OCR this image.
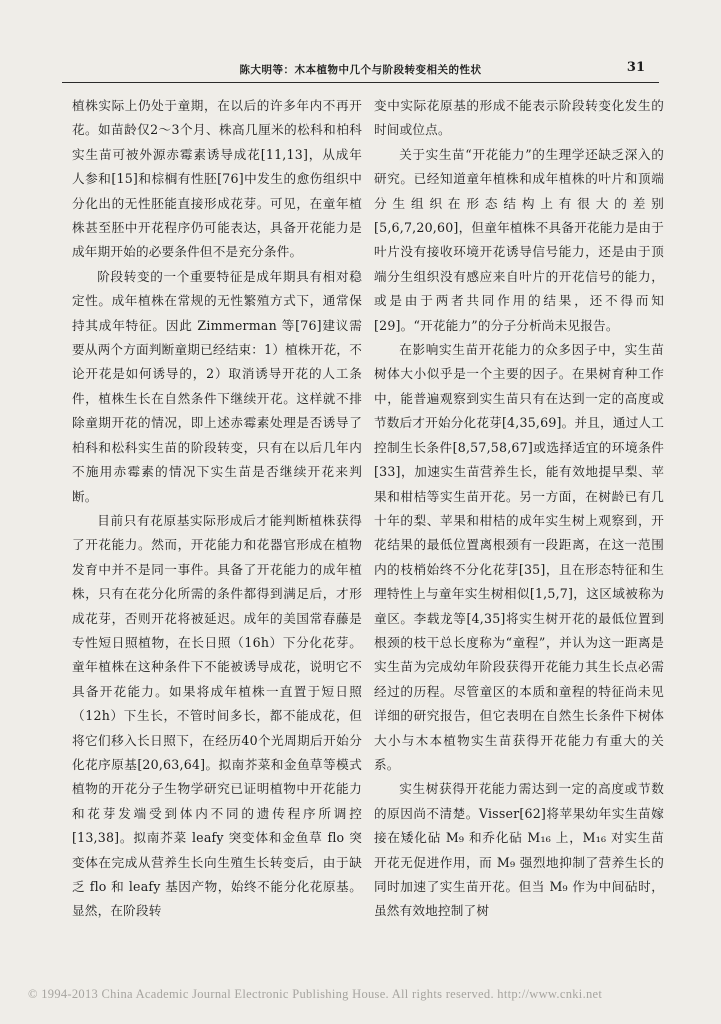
陈大明等：木本植物中几个与阶段转变相关的性状	31

植株实际上仍处于童期，在以后的许多年内不再开花。如苗龄仅2～3个月、株高几厘米的松科和柏科实生苗可被外源赤霉素诱导成花[11,13]，从成年人参和[15]和棕榈有性胚[76]中发生的愈伤组织中分化出的无性胚能直接形成花芽。可见，在童年植株甚至胚中开花程序仍可能表达，具备开花能力是成年期开始的必要条件但不是充分条件。

阶段转变的一个重要特征是成年期具有相对稳定性。成年植株在常规的无性繁殖方式下，通常保持其成年特征。因此 Zimmerman 等[76]建议需要从两个方面判断童期已经结束：1）植株开花，不论开花是如何诱导的，2）取消诱导开花的人工条件，植株生长在自然条件下继续开花。这样就不排除童期开花的情况，即上述赤霉素处理是否诱导了柏科和松科实生苗的阶段转变，只有在以后几年内不施用赤霉素的情况下实生苗是否继续开花来判断。

目前只有花原基实际形成后才能判断植株获得了开花能力。然而，开花能力和花器官形成在植物发育中并不是同一事件。具备了开花能力的成年植株，只有在花分化所需的条件都得到满足后，才形成花芽，否则开花将被延迟。成年的美国常春藤是专性短日照植物，在长日照（16h）下分化花芽。童年植株在这种条件下不能被诱导成花，说明它不具备开花能力。如果将成年植株一直置于短日照（12h）下生长，不管时间多长，都不能成花，但将它们移入长日照下，在经历40个光周期后开始分化花序原基[20,63,64]。拟南芥菜和金鱼草等模式植物的开花分子生物学研究已证明植物中开花能力和花芽发端受到体内不同的遗传程序所调控[13,38]。拟南芥菜 leafy 突变体和金鱼草 flo 突变体在完成从营养生长向生殖生长转变后，由于缺乏 flo 和 leafy 基因产物，始终不能分化花原基。显然，在阶段转

变中实际花原基的形成不能表示阶段转变化发生的时间或位点。

关于实生苗“开花能力”的生理学还缺乏深入的研究。已经知道童年植株和成年植株的叶片和顶端分生组织在形态结构上有很大的差别[5,6,7,20,60]，但童年植株不具备开花能力是由于叶片没有接收环境开花诱导信号能力，还是由于顶端分生组织没有感应来自叶片的开花信号的能力，或是由于两者共同作用的结果，还不得而知[29]。“开花能力”的分子分析尚未见报告。

在影响实生苗开花能力的众多因子中，实生苗树体大小似乎是一个主要的因子。在果树育种工作中，能普遍观察到实生苗只有在达到一定的高度或节数后才开始分化花芽[4,35,69]。并且，通过人工控制生长条件[8,57,58,67]或选择适宜的环境条件[33]，加速实生苗营养生长，能有效地提早梨、苹果和柑桔等实生苗开花。另一方面，在树龄已有几十年的梨、苹果和柑桔的成年实生树上观察到，开花结果的最低位置离根颈有一段距离，在这一范围内的枝梢始终不分化花芽[35]，且在形态特征和生理特性上与童年实生树相似[1,5,7]，这区域被称为童区。李载龙等[4,35]将实生树开花的最低位置到根颈的枝干总长度称为“童程”，并认为这一距离是实生苗为完成幼年阶段获得开花能力其生长点必需经过的历程。尽管童区的本质和童程的特征尚未见详细的研究报告，但它表明在自然生长条件下树体大小与木本植物实生苗获得开花能力有重大的关系。

实生树获得开花能力需达到一定的高度或节数的原因尚不清楚。Visser[62]将苹果幼年实生苗嫁接在矮化砧 M₉ 和乔化砧 M₁₆ 上，M₁₆ 对实生苗开花无促进作用，而 M₉ 强烈地抑制了营养生长的同时加速了实生苗开花。但当 M₉ 作为中间砧时，虽然有效地控制了树

© 1994-2013 China Academic Journal Electronic Publishing House. All rights reserved. http://www.cnki.net
